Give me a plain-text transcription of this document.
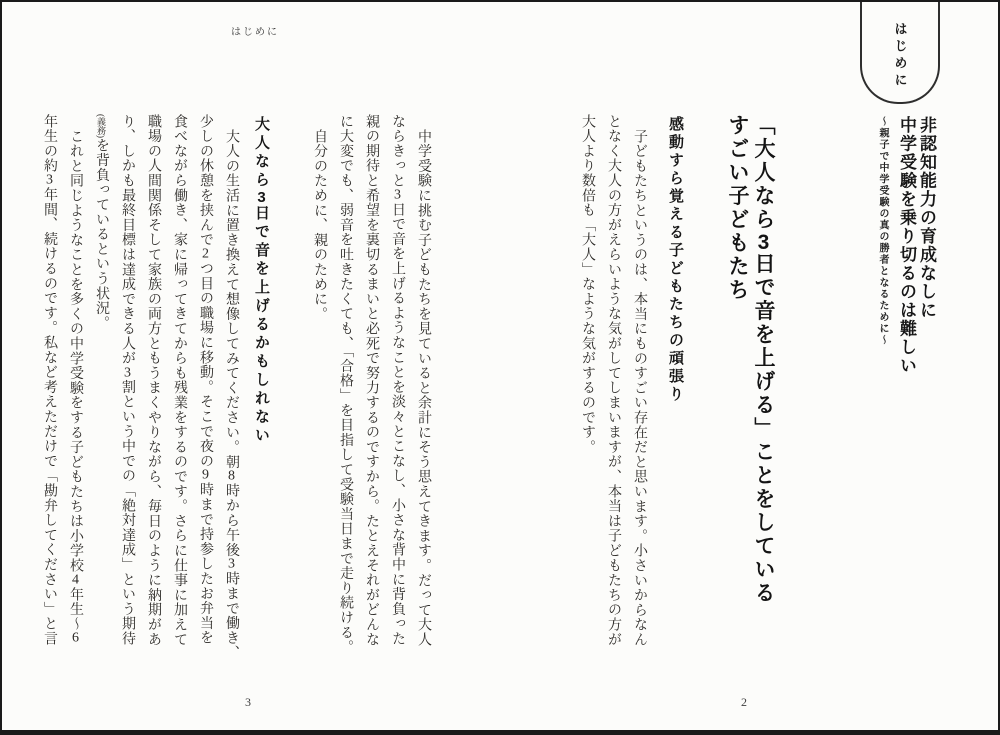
はじめに
はじめに
非認知能力の育成なしに
中学受験を乗り切るのは難しい
〜親子で中学受験の真の勝者となるために〜
「大人なら3日で音を上げる」ことをしている
すごい子どもたち
感動すら覚える子どもたちの頑張り
子どもたちというのは、本当にものすごい存在だと思います。小さいからなん
となく大人の方がえらいような気がしてしまいますが、本当は子どもたちの方が
大人より数倍も「大人」なような気がするのです。
2
中学受験に挑む子どもたちを見ていると余計にそう思えてきます。だって大人
ならきっと3日で音を上げるようなことを淡々とこなし、小さな背中に背負った
親の期待と希望を裏切るまいと必死で努力するのですから。たとえそれがどんな
に大変でも、弱音を吐きたくても、「合格」を目指して受験当日まで走り続ける。
自分のために、親のために。
大人なら3日で音を上げるかもしれない
大人の生活に置き換えて想像してみてください。朝8時から午後3時まで働き、
少しの休憩を挟んで2つ目の職場に移動。そこで夜の9時まで持参したお弁当を
食べながら働き、家に帰ってきてからも残業をするのです。さらに仕事に加えて
職場の人間関係そして家族の両方ともうまくやりながら、毎日のように納期があ
り、しかも最終目標は達成できる人が3割という中での「絶対達成」という期待
(義務)を背負っているという状況。
これと同じようなことを多くの中学受験をする子どもたちは小学校4年生〜6
年生の約3年間、続けるのです。私など考えただけで「勘弁してください」と言
3
